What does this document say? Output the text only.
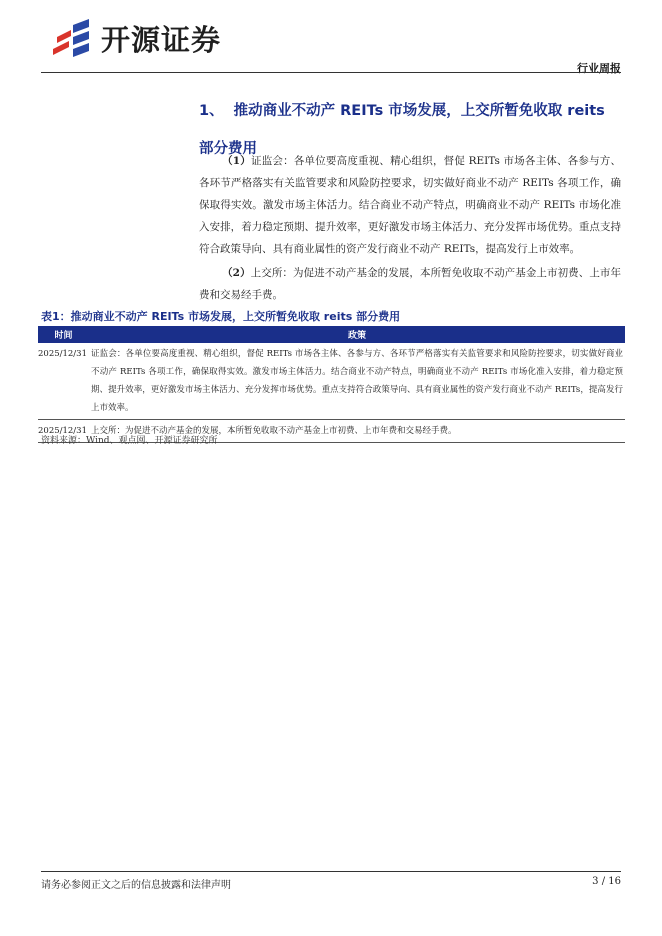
开源证券
行业周报
1、 推动商业不动产 REITs 市场发展，上交所暂免收取 reits 部分费用
（1）证监会：各单位要高度重视、精心组织，督促 REITs 市场各主体、各参与方、各环节严格落实有关监管要求和风险防控要求，切实做好商业不动产 REITs 各项工作，确保取得实效。激发市场主体活力。结合商业不动产特点，明确商业不动产 REITs 市场化准入安排，着力稳定预期、提升效率，更好激发市场主体活力、充分发挥市场优势。重点支持符合政策导向、具有商业属性的资产发行商业不动产 REITs，提高发行上市效率。
（2）上交所：为促进不动产基金的发展，本所暂免收取不动产基金上市初费、上市年费和交易经手费。
表1：推动商业不动产 REITs 市场发展，上交所暂免收取 reits 部分费用
时间	政策
2025/12/31	证监会：各单位要高度重视、精心组织，督促 REITs 市场各主体、各参与方、各环节严格落实有关监管要求和风险防控要求，切实做好商业不动产 REITs 各项工作，确保取得实效。激发市场主体活力。结合商业不动产特点，明确商业不动产 REITs 市场化准入安排，着力稳定预期、提升效率，更好激发市场主体活力、充分发挥市场优势。重点支持符合政策导向、具有商业属性的资产发行商业不动产 REITs，提高发行上市效率。
2025/12/31	上交所：为促进不动产基金的发展，本所暂免收取不动产基金上市初费、上市年费和交易经手费。
资料来源：Wind、观点网、开源证券研究所
请务必参阅正文之后的信息披露和法律声明	3 / 16
